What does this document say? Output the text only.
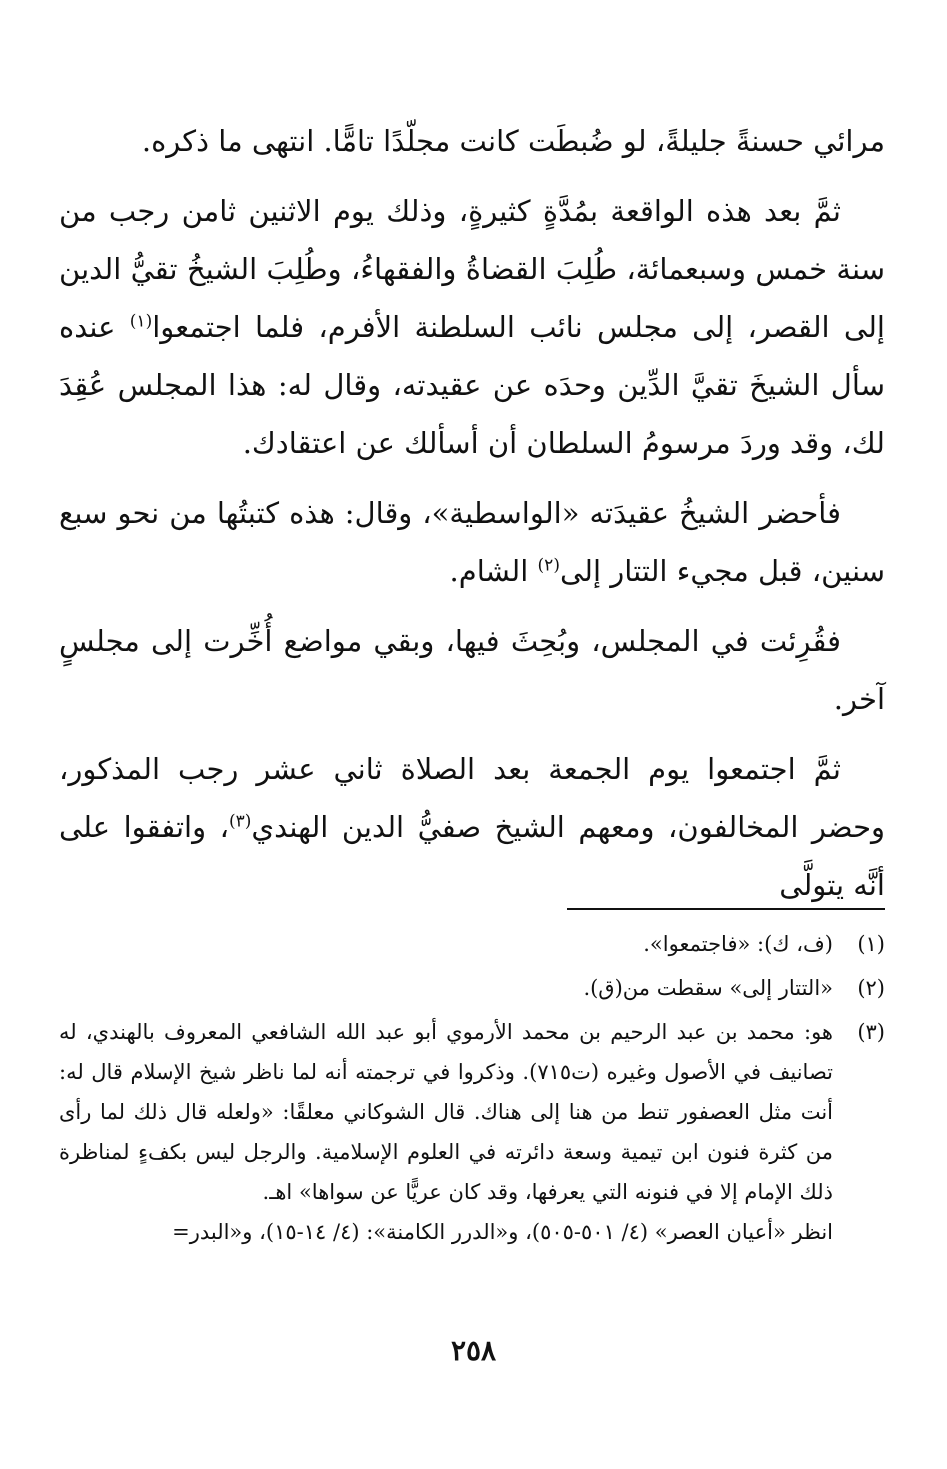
مرائي حسنةً جليلةً، لو ضُبطَت كانت مجلّدًا تامًّا. انتهى ما ذكره.

ثمَّ بعد هذه الواقعة بمُدَّةٍ كثيرةٍ، وذلك يوم الاثنين ثامن رجب من سنة خمس وسبعمائة، طُلِبَ القضاةُ والفقهاءُ، وطُلِبَ الشيخُ تقيُّ الدين إلى القصر، إلى مجلس نائب السلطنة الأفرم، فلما اجتمعوا$^{(١)}$ عنده سأل الشيخَ تقيَّ الدِّين وحدَه عن عقيدته، وقال له: هذا المجلس عُقِدَ لك، وقد وردَ مرسومُ السلطان أن أسألك عن اعتقادك.

فأحضر الشيخُ عقيدَته «الواسطية»، وقال: هذه كتبتُها من نحو سبع سنين، قبل مجيء التتار إلى$^{(٢)}$ الشام.

فقُرِئت في المجلس، وبُحِثَ فيها، وبقي مواضع أُخِّرت إلى مجلسٍ آخر.

ثمَّ اجتمعوا يوم الجمعة بعد الصلاة ثاني عشر رجب المذكور، وحضر المخالفون، ومعهم الشيخ صفيُّ الدين الهندي$^{(٣)}$، واتفقوا على أنَّه يتولَّى

(١)

(ف، ك): «فاجتمعوا».

(٢)

«التتار إلى» سقطت من(ق).

(٣)

هو: محمد بن عبد الرحيم بن محمد الأرموي أبو عبد الله الشافعي المعروف بالهندي، له تصانيف في الأصول وغيره (ت٧١٥). وذكروا في ترجمته أنه لما ناظر شيخ الإسلام قال له: أنت مثل العصفور تنط من هنا إلى هناك. قال الشوكاني معلقًا: «ولعله قال ذلك لما رأى من كثرة فنون ابن تيمية وسعة دائرته في العلوم الإسلامية. والرجل ليس بكفءٍ لمناظرة ذلك الإمام إلا في فنونه التي يعرفها، وقد كان عريًّا عن سواها» اهـ.

انظر «أعيان العصر» (٤/ ٥٠١-٥٠٥)، و«الدرر الكامنة»: (٤/ ١٤-١٥)، و«البدر=

٢٥٨
